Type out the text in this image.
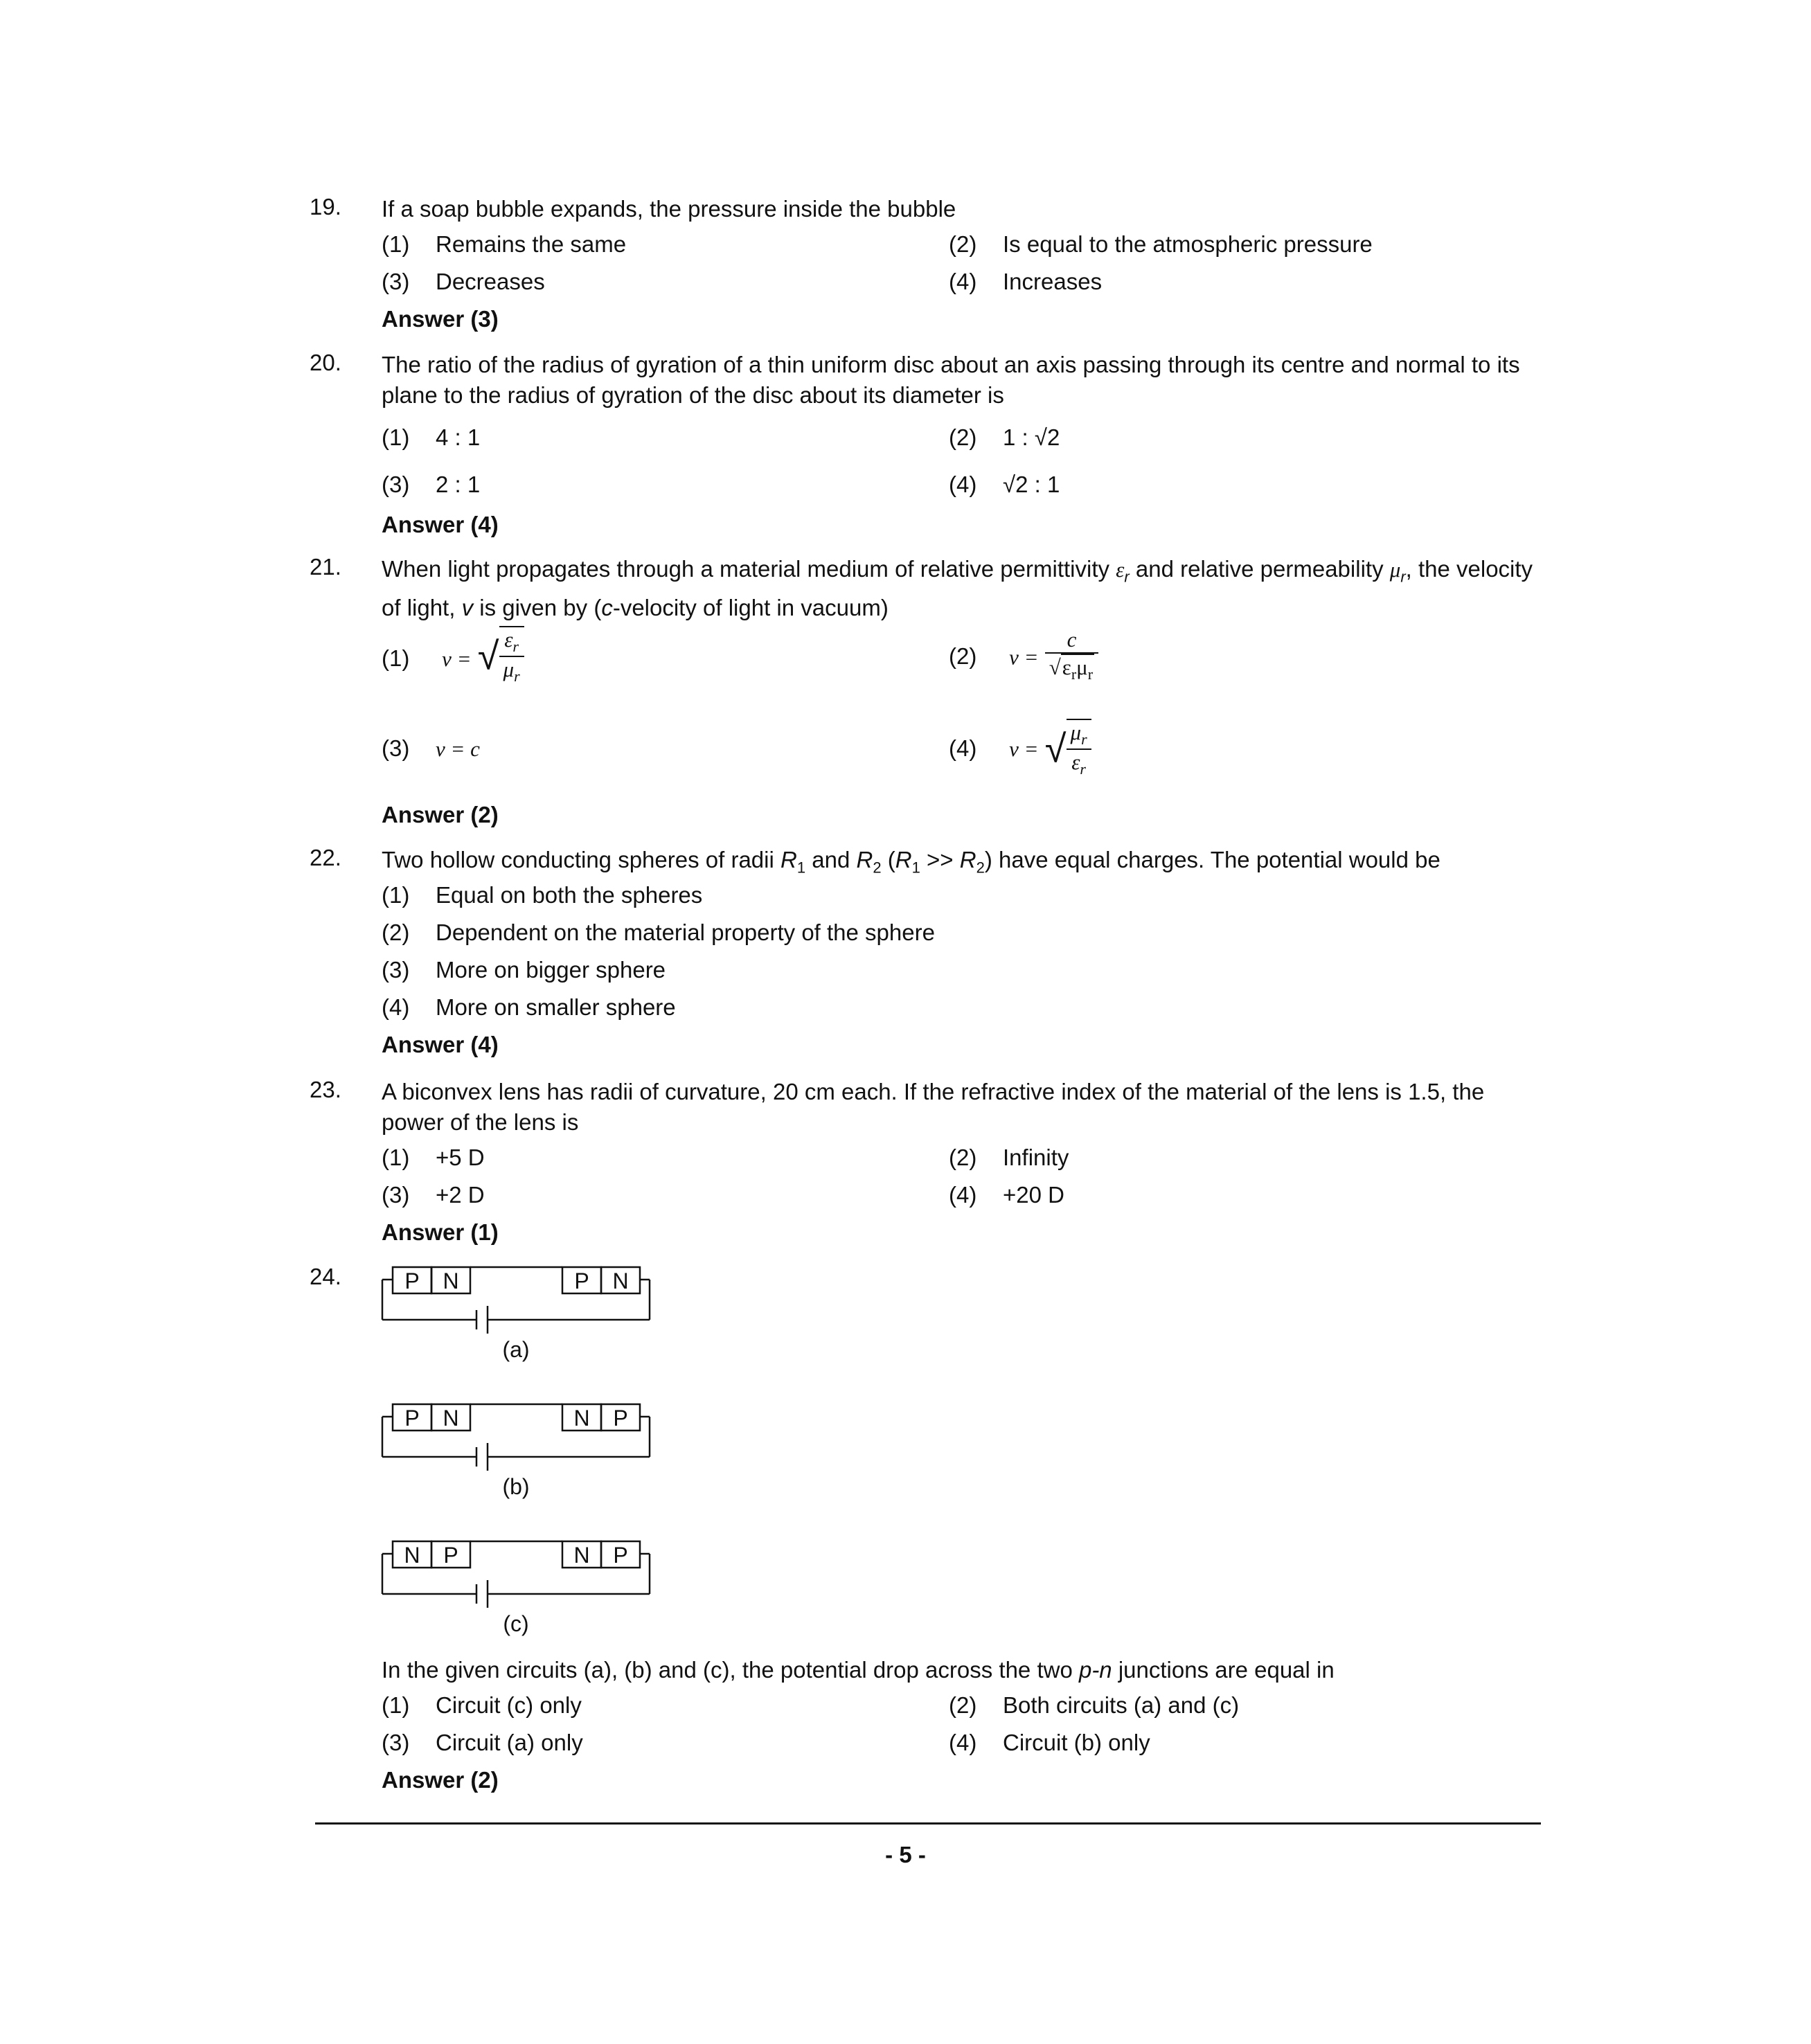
19.	If a soap bubble expands, the pressure inside the bubble
(1) Remains the same	(2) Is equal to the atmospheric pressure
(3) Decreases	(4) Increases
Answer (3)
20.	The ratio of the radius of gyration of a thin uniform disc about an axis passing through its centre and normal to its plane to the radius of gyration of the disc about its diameter is
(1) 4 : 1	(2) 1 : √2
(3) 2 : 1	(4) √2 : 1
Answer (4)
21.	When light propagates through a material medium of relative permittivity $\varepsilon_r$ and relative permeability $\mu_r$, the velocity of light, v is given by (c-velocity of light in vacuum)
(1) v = √ $\frac{\varepsilon_r}{\mu_r}$	(2) $v = \frac{c}{√\varepsilon_r\mu_r}$
(3) v = c	(4) v = √ $\frac{\mu_r}{\varepsilon_r}$
Answer (2)
22.	Two hollow conducting spheres of radii $R_1$ and $R_2$ $(R_1 >> R_2)$ have equal charges. The potential would be
(1) Equal on both the spheres
(2) Dependent on the material property of the sphere
(3) More on bigger sphere
(4) More on smaller sphere
Answer (4)
23.	A biconvex lens has radii of curvature, 20 cm each. If the refractive index of the material of the lens is 1.5, the power of the lens is
(1) +5 D	(2) Infinity
(3) +2 D	(4) +20 D
Answer (1)
24.	P N	P N
(a)
P N	N P
(b)
N P	N P
(c)
In the given circuits (a), (b) and (c), the potential drop across the two p-n junctions are equal in
(1) Circuit (c) only	(2) Both circuits (a) and (c)
(3) Circuit (a) only	(4) Circuit (b) only
Answer (2)
- 5 -
